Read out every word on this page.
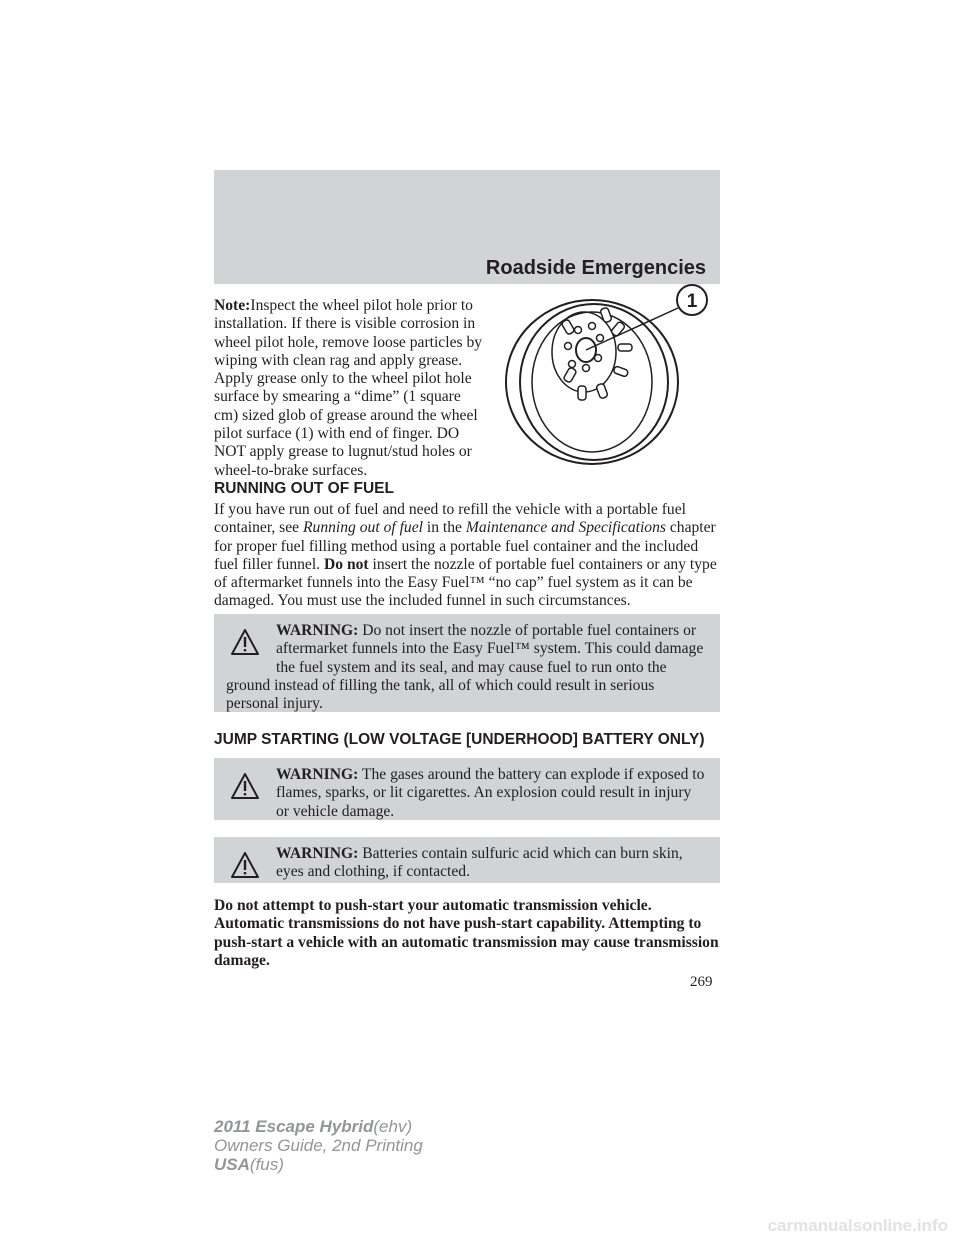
Roadside Emergencies
Note:Inspect the wheel pilot hole prior to installation. If there is visible corrosion in wheel pilot hole, remove loose particles by wiping with clean rag and apply grease. Apply grease only to the wheel pilot hole surface by smearing a “dime” (1 square cm) sized glob of grease around the wheel pilot surface (1) with end of finger. DO NOT apply grease to lugnut/stud holes or wheel-to-brake surfaces.
1
RUNNING OUT OF FUEL
If you have run out of fuel and need to refill the vehicle with a portable fuel container, see Running out of fuel in the Maintenance and Specifications chapter for proper fuel filling method using a portable fuel container and the included fuel filler funnel. Do not insert the nozzle of portable fuel containers or any type of aftermarket funnels into the Easy Fuel™ “no cap” fuel system as it can be damaged. You must use the included funnel in such circumstances.
WARNING: Do not insert the nozzle of portable fuel containers or aftermarket funnels into the Easy Fuel™ system. This could damage the fuel system and its seal, and may cause fuel to run onto the ground instead of filling the tank, all of which could result in serious personal injury.
JUMP STARTING (LOW VOLTAGE [UNDERHOOD] BATTERY ONLY)
WARNING: The gases around the battery can explode if exposed to flames, sparks, or lit cigarettes. An explosion could result in injury or vehicle damage.
WARNING: Batteries contain sulfuric acid which can burn skin, eyes and clothing, if contacted.
Do not attempt to push-start your automatic transmission vehicle. Automatic transmissions do not have push-start capability. Attempting to push-start a vehicle with an automatic transmission may cause transmission damage.
269
2011 Escape Hybrid(ehv)
Owners Guide, 2nd Printing
USA(fus)
carmanualsonline.info
